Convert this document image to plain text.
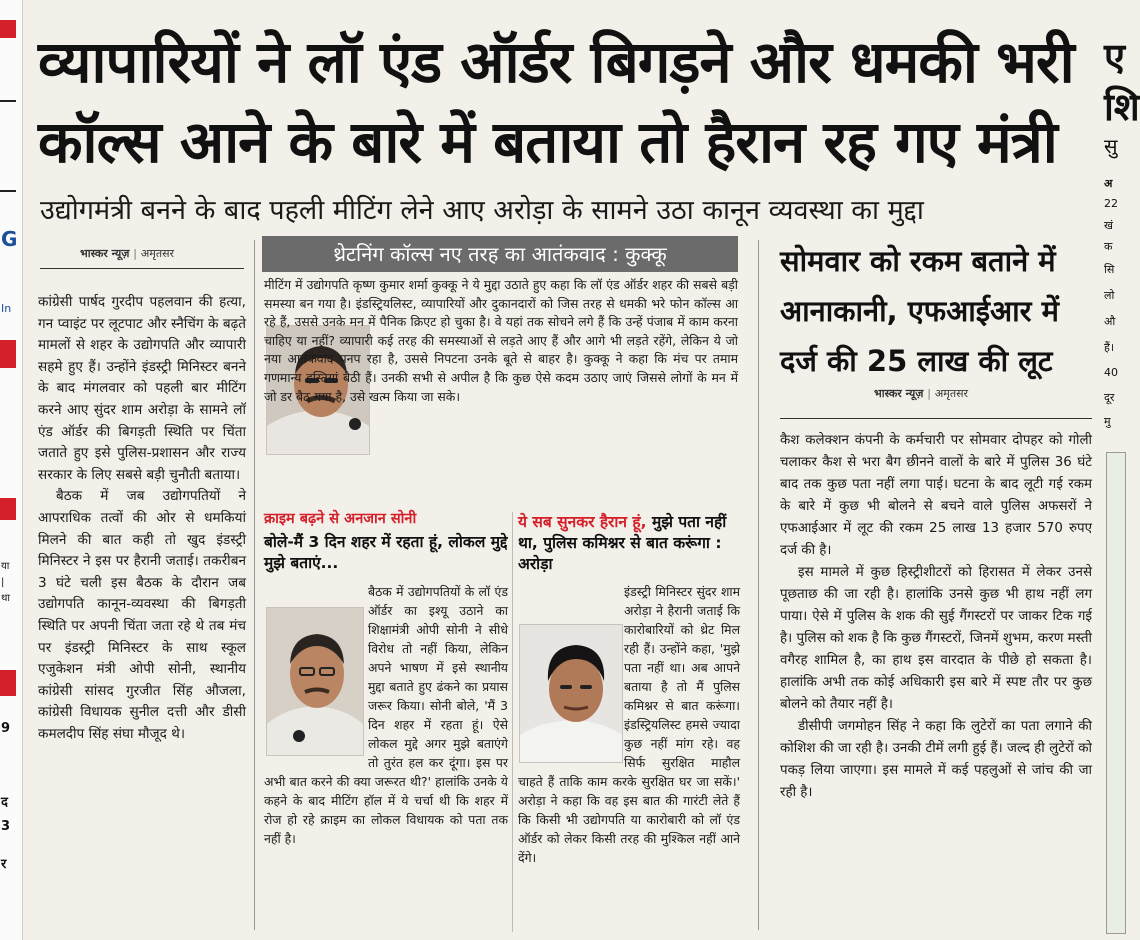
G
In
या
|
था
9
द
3
र
ए
शि
सु
अ
22
खं
क
सि
लो
औ
हैं।
40
दूर
मु
व्यापारियों ने लॉ एंड ऑर्डर बिगड़ने और धमकी भरी
कॉल्स आने के बारे में बताया तो हैरान रह गए मंत्री
उद्योगमंत्री बनने के बाद पहली मीटिंग लेने आए अरोड़ा के सामने उठा कानून व्यवस्था का मुद्दा
भास्कर न्यूज़ | अमृतसर

कांग्रेसी पार्षद गुरदीप पहलवान की हत्या, गन प्वाइंट पर लूटपाट और स्नैचिंग के बढ़ते मामलों से शहर के उद्योगपति और व्यापारी सहमे हुए हैं। उन्होंने इंडस्ट्री मिनिस्टर बनने के बाद मंगलवार को पहली बार मीटिंग करने आए सुंदर शाम अरोड़ा के सामने लॉ एंड ऑर्डर की बिगड़ती स्थिति पर चिंता जताते हुए इसे पुलिस-प्रशासन और राज्य सरकार के लिए सबसे बड़ी चुनौती बताया।

बैठक में जब उद्योगपतियों ने आपराधिक तत्वों की ओर से धमकियां मिलने की बात कही तो खुद इंडस्ट्री मिनिस्टर ने इस पर हैरानी जताई। तकरीबन 3 घंटे चली इस बैठक के दौरान जब उद्योगपति कानून-व्यवस्था की बिगड़ती स्थिति पर अपनी चिंता जता रहे थे तब मंच पर इंडस्ट्री मिनिस्टर के साथ स्कूल एजुकेशन मंत्री ओपी सोनी, स्थानीय कांग्रेसी सांसद गुरजीत सिंह औजला, कांग्रेसी विधायक सुनील दत्ती और डीसी कमलदीप सिंह संघा मौजूद थे।

थ्रेटनिंग कॉल्स नए तरह का आतंकवाद : कुक्कू

मीटिंग में उद्योगपति कृष्ण कुमार शर्मा कुक्कू ने ये मुद्दा उठाते हुए कहा कि लॉ एंड ऑर्डर शहर की सबसे बड़ी समस्या बन गया है। इंडस्ट्रियलिस्ट, व्यापारियों और दुकानदारों को जिस तरह से धमकी भरे फोन कॉल्स आ रहे हैं, उससे उनके मन में पैनिक क्रिएट हो चुका है। वे यहां तक सोचने लगे हैं कि उन्हें पंजाब में काम करना चाहिए या नहीं? व्यापारी कई तरह की समस्याओं से लड़ते आए हैं और आगे भी लड़ते रहेंगे, लेकिन ये जो नया आतंकवाद पनप रहा है, उससे निपटना उनके बूते से बाहर है। कुक्कू ने कहा कि मंच पर तमाम गणमान्य हस्तियां बैठी हैं। उनकी सभी से अपील है कि कुछ ऐसे कदम उठाए जाएं जिससे लोगों के मन में जो डर बैठ गया है, उसे खत्म किया जा सके।

क्राइम बढ़ने से अनजान सोनी
बोले-मैं 3 दिन शहर में रहता हूं, लोकल मुद्दे मुझे बताएं...
बैठक में उद्योगपतियों के लॉ एंड ऑर्डर का इश्यू उठाने का शिक्षामंत्री ओपी सोनी ने सीधे विरोध तो नहीं किया, लेकिन अपने भाषण में इसे स्थानीय मुद्दा बताते हुए ढंकने का प्रयास जरूर किया। सोनी बोले, 'मैं 3 दिन शहर में रहता हूं। ऐसे लोकल मुद्दे अगर मुझे बताएंगे तो तुरंत हल कर दूंगा। इस पर अभी बात करने की क्या जरूरत थी?' हालांकि उनके ये कहने के बाद मीटिंग हॉल में ये चर्चा थी कि शहर में रोज हो रहे क्राइम का लोकल विधायक को पता तक नहीं है।
ये सब सुनकर हैरान हूं, मुझे पता नहीं था, पुलिस कमिश्नर से बात करूंगा : अरोड़ा
इंडस्ट्री मिनिस्टर सुंदर शाम अरोड़ा ने हैरानी जताई कि कारोबारियों को थ्रेट मिल रही हैं। उन्होंने कहा, 'मुझे पता नहीं था। अब आपने बताया है तो मैं पुलिस कमिश्नर से बात करूंगा। इंडस्ट्रियलिस्ट हमसे ज्यादा कुछ नहीं मांग रहे। वह सिर्फ सुरक्षित माहौल चाहते हैं ताकि काम करके सुरक्षित घर जा सकें।' अरोड़ा ने कहा कि वह इस बात की गारंटी लेते हैं कि किसी भी उद्योगपति या कारोबारी को लॉ एंड ऑर्डर को लेकर किसी तरह की मुश्किल नहीं आने देंगे।
सोमवार को रकम बताने में आनाकानी, एफआईआर में दर्ज की 25 लाख की लूट
भास्कर न्यूज़ | अमृतसर

कैश कलेक्शन कंपनी के कर्मचारी पर सोमवार दोपहर को गोली चलाकर कैश से भरा बैग छीनने वालों के बारे में पुलिस 36 घंटे बाद तक कुछ पता नहीं लगा पाई। घटना के बाद लूटी गई रकम के बारे में कुछ भी बोलने से बचने वाले पुलिस अफसरों ने एफआईआर में लूट की रकम 25 लाख 13 हजार 570 रुपए दर्ज की है।

इस मामले में कुछ हिस्ट्रीशीटरों को हिरासत में लेकर उनसे पूछताछ की जा रही है। हालांकि उनसे कुछ भी हाथ नहीं लग पाया। ऐसे में पुलिस के शक की सुई गैंगस्टरों पर जाकर टिक गई है। पुलिस को शक है कि कुछ गैंगस्टरों, जिनमें शुभम, करण मस्ती वगैरह शामिल है, का हाथ इस वारदात के पीछे हो सकता है। हालांकि अभी तक कोई अधिकारी इस बारे में स्पष्ट तौर पर कुछ बोलने को तैयार नहीं है।

डीसीपी जगमोहन सिंह ने कहा कि लुटेरों का पता लगाने की कोशिश की जा रही है। उनकी टीमें लगी हुई हैं। जल्द ही लुटेरों को पकड़ लिया जाएगा। इस मामले में कई पहलुओं से जांच की जा रही है।
